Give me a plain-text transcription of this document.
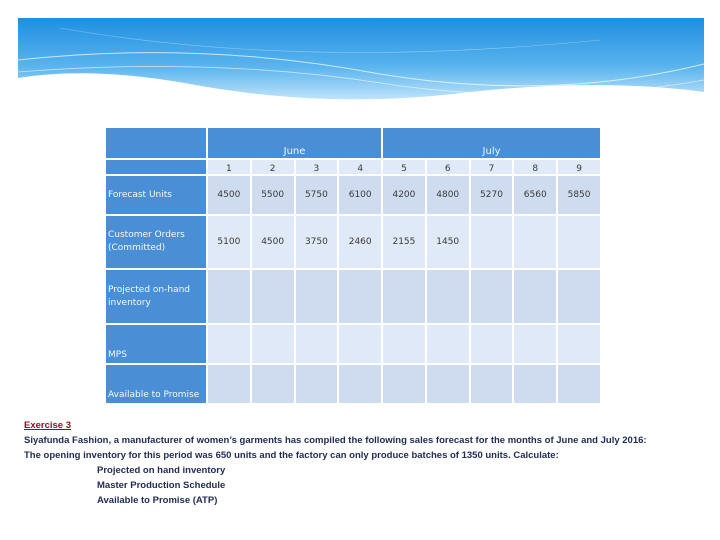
	June				July				

	1	2	3	4	5	6	7	8	9
Forecast Units	4500	5500	5750	6100	4200	4800	5270	6560	5850
Customer Orders (Committed)	5100	4500	3750	2460	2155	1450			
Projected on-hand inventory									
MPS									
Available to Promise									
Exercise 3
Siyafunda Fashion, a manufacturer of women’s garments has compiled the following sales forecast for the months of June and July 2016:
The opening inventory for this period was 650 units and the factory can only produce batches of 1350 units. Calculate:
Projected on hand inventory
Master Production Schedule
Available to Promise (ATP)
